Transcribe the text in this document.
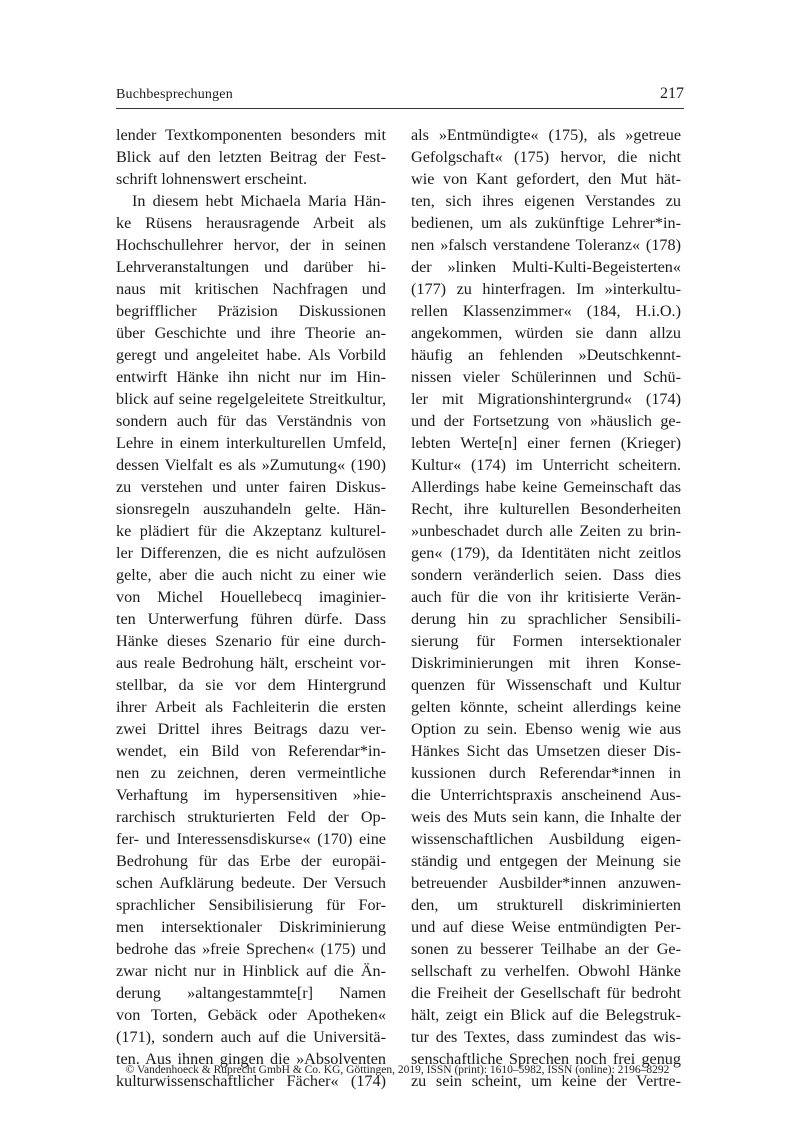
Buchbesprechungen	217
lender Textkomponenten besonders mit
Blick auf den letzten Beitrag der Fest-
schrift lohnenswert erscheint.
In diesem hebt Michaela Maria Hän-
ke Rüsens herausragende Arbeit als
Hochschullehrer hervor, der in seinen
Lehrveranstaltungen und darüber hi-
naus mit kritischen Nachfragen und
begrifflicher Präzision Diskussionen
über Geschichte und ihre Theorie an-
geregt und angeleitet habe. Als Vorbild
entwirft Hänke ihn nicht nur im Hin-
blick auf seine regelgeleitete Streitkultur,
sondern auch für das Verständnis von
Lehre in einem interkulturellen Umfeld,
dessen Vielfalt es als »Zumutung« (190)
zu verstehen und unter fairen Diskus-
sionsregeln auszuhandeln gelte. Hän-
ke plädiert für die Akzeptanz kulturel-
ler Differenzen, die es nicht aufzulösen
gelte, aber die auch nicht zu einer wie
von Michel Houellebecq imaginier-
ten Unterwerfung führen dürfe. Dass
Hänke dieses Szenario für eine durch-
aus reale Bedrohung hält, erscheint vor-
stellbar, da sie vor dem Hintergrund
ihrer Arbeit als Fachleiterin die ersten
zwei Drittel ihres Beitrags dazu ver-
wendet, ein Bild von Referendar*in-
nen zu zeichnen, deren vermeintliche
Verhaftung im hypersensitiven »hie-
rarchisch strukturierten Feld der Op-
fer- und Interessensdiskurse« (170) eine
Bedrohung für das Erbe der europäi-
schen Aufklärung bedeute. Der Versuch
sprachlicher Sensibilisierung für For-
men intersektionaler Diskriminierung
bedrohe das »freie Sprechen« (175) und
zwar nicht nur in Hinblick auf die Än-
derung »altangestammte[r] Namen
von Torten, Gebäck oder Apotheken«
(171), sondern auch auf die Universitä-
ten. Aus ihnen gingen die »Absolventen
kulturwissenschaftlicher Fächer« (174)
als »Entmündigte« (175), als »getreue
Gefolgschaft« (175) hervor, die nicht
wie von Kant gefordert, den Mut hät-
ten, sich ihres eigenen Verstandes zu
bedienen, um als zukünftige Lehrer*in-
nen »falsch verstandene Toleranz« (178)
der »linken Multi-Kulti-Begeisterten«
(177) zu hinterfragen. Im »interkultu-
rellen Klassenzimmer« (184, H.i.O.)
angekommen, würden sie dann allzu
häufig an fehlenden »Deutschkennt-
nissen vieler Schülerinnen und Schü-
ler mit Migrationshintergrund« (174)
und der Fortsetzung von »häuslich ge-
lebten Werte[n] einer fernen (Krieger)
Kultur« (174) im Unterricht scheitern.
Allerdings habe keine Gemeinschaft das
Recht, ihre kulturellen Besonderheiten
»unbeschadet durch alle Zeiten zu brin-
gen« (179), da Identitäten nicht zeitlos
sondern veränderlich seien. Dass dies
auch für die von ihr kritisierte Verän-
derung hin zu sprachlicher Sensibili-
sierung für Formen intersektionaler
Diskriminierungen mit ihren Konse-
quenzen für Wissenschaft und Kultur
gelten könnte, scheint allerdings keine
Option zu sein. Ebenso wenig wie aus
Hänkes Sicht das Umsetzen dieser Dis-
kussionen durch Referendar*innen in
die Unterrichtspraxis anscheinend Aus-
weis des Muts sein kann, die Inhalte der
wissenschaftlichen Ausbildung eigen-
ständig und entgegen der Meinung sie
betreuender Ausbilder*innen anzuwen-
den, um strukturell diskriminierten
und auf diese Weise entmündigten Per-
sonen zu besserer Teilhabe an der Ge-
sellschaft zu verhelfen. Obwohl Hänke
die Freiheit der Gesellschaft für bedroht
hält, zeigt ein Blick auf die Belegstruk-
tur des Textes, dass zumindest das wis-
senschaftliche Sprechen noch frei genug
zu sein scheint, um keine der Vertre-
© Vandenhoeck & Ruprecht GmbH & Co. KG, Göttingen, 2019, ISSN (print): 1610–5982, ISSN (online): 2196–8292
